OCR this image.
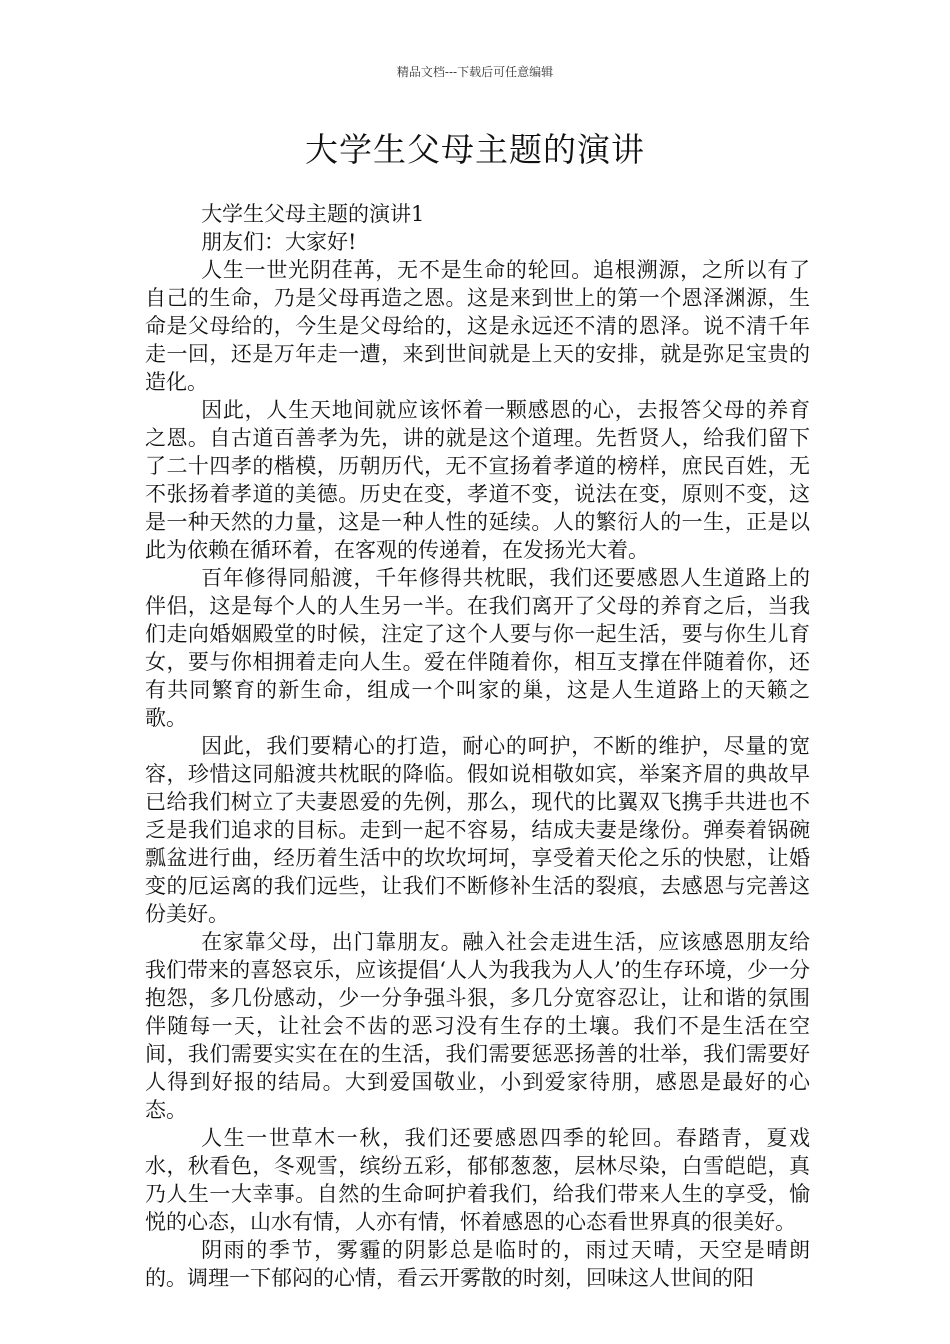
精品文档---下载后可任意编辑
大学生父母主题的演讲

大学生父母主题的演讲1

朋友们：大家好!

人生一世光阴荏苒，无不是生命的轮回。追根溯源，之所以有了自己的生命，乃是父母再造之恩。这是来到世上的第一个恩泽渊源，生命是父母给的，今生是父母给的，这是永远还不清的恩泽。说不清千年走一回，还是万年走一遭，来到世间就是上天的安排，就是弥足宝贵的造化。

因此，人生天地间就应该怀着一颗感恩的心，去报答父母的养育之恩。自古道百善孝为先，讲的就是这个道理。先哲贤人，给我们留下了二十四孝的楷模，历朝历代，无不宣扬着孝道的榜样，庶民百姓，无不张扬着孝道的美德。历史在变，孝道不变，说法在变，原则不变，这是一种天然的力量，这是一种人性的延续。人的繁衍人的一生，正是以此为依赖在循环着，在客观的传递着，在发扬光大着。

百年修得同船渡，千年修得共枕眠，我们还要感恩人生道路上的伴侣，这是每个人的人生另一半。在我们离开了父母的养育之后，当我们走向婚姻殿堂的时候，注定了这个人要与你一起生活，要与你生儿育女，要与你相拥着走向人生。爱在伴随着你，相互支撑在伴随着你，还有共同繁育的新生命，组成一个叫家的巢，这是人生道路上的天籁之歌。

因此，我们要精心的打造，耐心的呵护，不断的维护，尽量的宽容，珍惜这同船渡共枕眠的降临。假如说相敬如宾，举案齐眉的典故早已给我们树立了夫妻恩爱的先例，那么，现代的比翼双飞携手共进也不乏是我们追求的目标。走到一起不容易，结成夫妻是缘份。弹奏着锅碗瓢盆进行曲，经历着生活中的坎坎坷坷，享受着天伦之乐的快慰，让婚变的厄运离的我们远些，让我们不断修补生活的裂痕，去感恩与完善这份美好。

在家靠父母，出门靠朋友。融入社会走进生活，应该感恩朋友给我们带来的喜怒哀乐，应该提倡‘人人为我我为人人’的生存环境，少一分抱怨，多几份感动，少一分争强斗狠，多几分宽容忍让，让和谐的氛围伴随每一天，让社会不齿的恶习没有生存的土壤。我们不是生活在空间，我们需要实实在在的生活，我们需要惩恶扬善的壮举，我们需要好人得到好报的结局。大到爱国敬业，小到爱家待朋，感恩是最好的心态。

人生一世草木一秋，我们还要感恩四季的轮回。春踏青，夏戏水，秋看色，冬观雪，缤纷五彩，郁郁葱葱，层林尽染，白雪皑皑，真乃人生一大幸事。自然的生命呵护着我们，给我们带来人生的享受，愉悦的心态，山水有情，人亦有情，怀着感恩的心态看世界真的很美好。

阴雨的季节，雾霾的阴影总是临时的，雨过天晴，天空是晴朗的。调理一下郁闷的心情，看云开雾散的时刻，回味这人世间的阳
